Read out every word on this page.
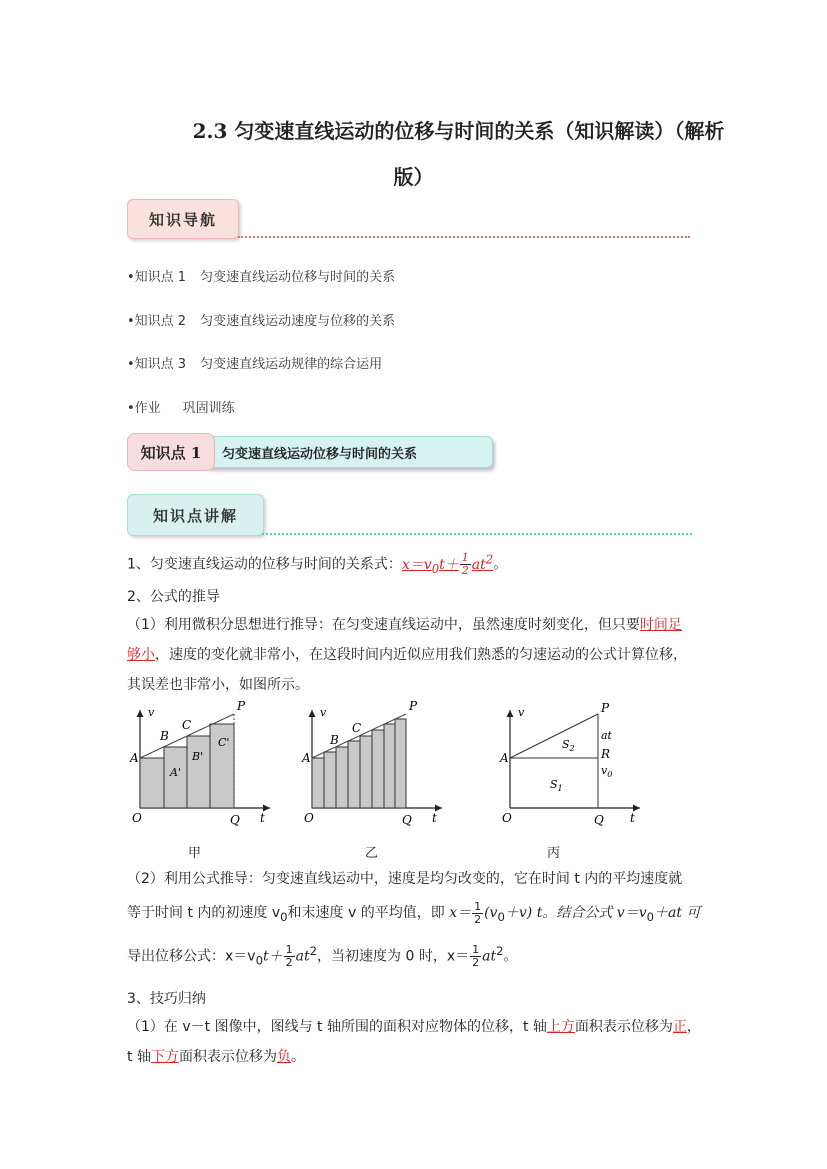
2.3 匀变速直线运动的位移与时间的关系（知识解读）（解析
版）
知识导航
•知识点 1 匀变速直线运动位移与时间的关系
•知识点 2 匀变速直线运动速度与位移的关系
•知识点 3 匀变速直线运动规律的综合运用
•作业 巩固训练
匀变速直线运动位移与时间的关系
知识点 1
知识点讲解
1、匀变速直线运动的位移与时间的关系式：$x=v_0t+ \frac{1}{2} at^2$。
2、公式的推导
（1）利用微积分思想进行推导：在匀变速直线运动中，虽然速度时刻变化，但只要时间足
够小，速度的变化就非常小，在这段时间内近似应用我们熟悉的匀速运动的公式计算位移，
其误差也非常小，如图所示。
v
A
B
C
P
A'
B'
C'
O	Q t
v
A
B
C
P
O	Q t
v
A
P
at
R
$v_0$
$S_2$
$S_1$
O	Q t
甲	乙	丙
（2）利用公式推导：匀变速直线运动中，速度是均匀改变的，它在时间 t 内的平均速度就
等于时间 t 内的初速度 $v_0$和末速度 v 的平均值，即 $x= \frac{1}{2} (v_0+v)$ t。结合公式 $v=v_0+at$ 可
导出位移公式：$x=v_0t+ \frac{1}{2} at^2$，当初速度为 0 时，$x= \frac{1}{2} at^2$。
3、技巧归纳
（1）在 v－t 图像中，图线与 t 轴所围的面积对应物体的位移，t 轴上方面积表示位移为正，
t 轴下方面积表示位移为负。
